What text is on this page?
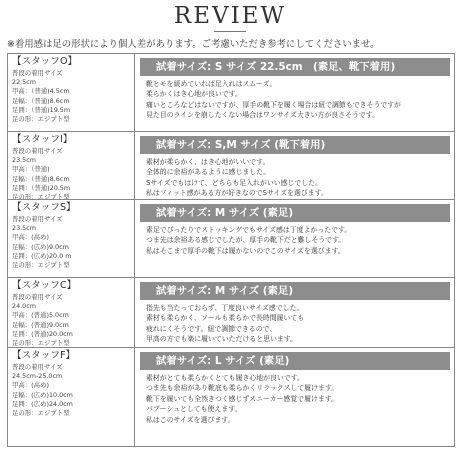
REVIEW
※着用感は足の形状により個人差があります。ご考慮いただき参考にしてくださいませ。
【スタッフO】
普段の着用サイズ
22.5cm
甲高：（普通)4.5cm
足幅：（普通)8.6cm
足囲：（普通)19.5m
足の形：エジプト型
試着サイズ: S サイズ 22.5cm　(素足、靴下着用)
靴ヒモを緩めていれば足入れはスムーズ。
柔らかくはき心地が良いです。
痛いところなどはないですが、厚手の靴下を履く場合は紐で調節もできそうですが
見た目のラインを崩したくない場合はワンサイズ大きい方が良さそうです。
【スタッフI】
普段の着用サイズ
23.5cm
甲高：（普通)
足幅：（普通)8.6cm
足囲：（普通)20.5m
足の形：エジプト型
試着サイズ: S,M サイズ (靴下着用)
素材が柔らかく、はき心地がいいです。
全体的に余裕があるように感じました。
Sサイズでもはけて、どちらも足入れがいい感じでした。
私はフィット感がある方が好きなのでSサイズを選びます。
【スタッフS】
普段の着用サイズ
23.5cm
甲高：(高め)
足幅：(広め)9.0cm
足囲：(広め)20.0 m
足の形：エジプト型
試着サイズ: M サイズ (素足)
素足でぴったりでストッキングでもサイズ感は丁度よかったです。
つま先は余裕ある感じでしたが、厚手の靴下だと難しそうです。
私はそこまで厚手の靴下は履かないのでこのサイズを選びます。
【スタッフC】
普段の着用サイズ
24.0cm
甲高：(普通)5.0cm
足幅：(普通)9.0cm
足囲：(普通)20.0cm
足の形：エジプト型
試着サイズ: M サイズ (素足)
指先も当たっておらず、丁度良いサイズ感でした。
素材も柔らかく、ソールも柔らかで長時間履いても
疲れにくそうです。紐で調節できるので、
甲高の方でも楽に履いていただけると思います。
【スタッフF】
普段の着用サイズ
24.5cm-25.0cm
甲高：(高め)
足幅：(広め)10.0cm
足囲：(広め)24.0cm
足の形：エジプト型
試着サイズ: L サイズ (素足)
素材がとても柔らかくとても履き心地が良いです。
つま先も余裕があり靴底も柔らかくリラックスして履けます。
靴下を履いても全然きつく感じずスニーカー感覚で履けます。
パブーシュとしても使えます。
私はこのサイズを選びます。
